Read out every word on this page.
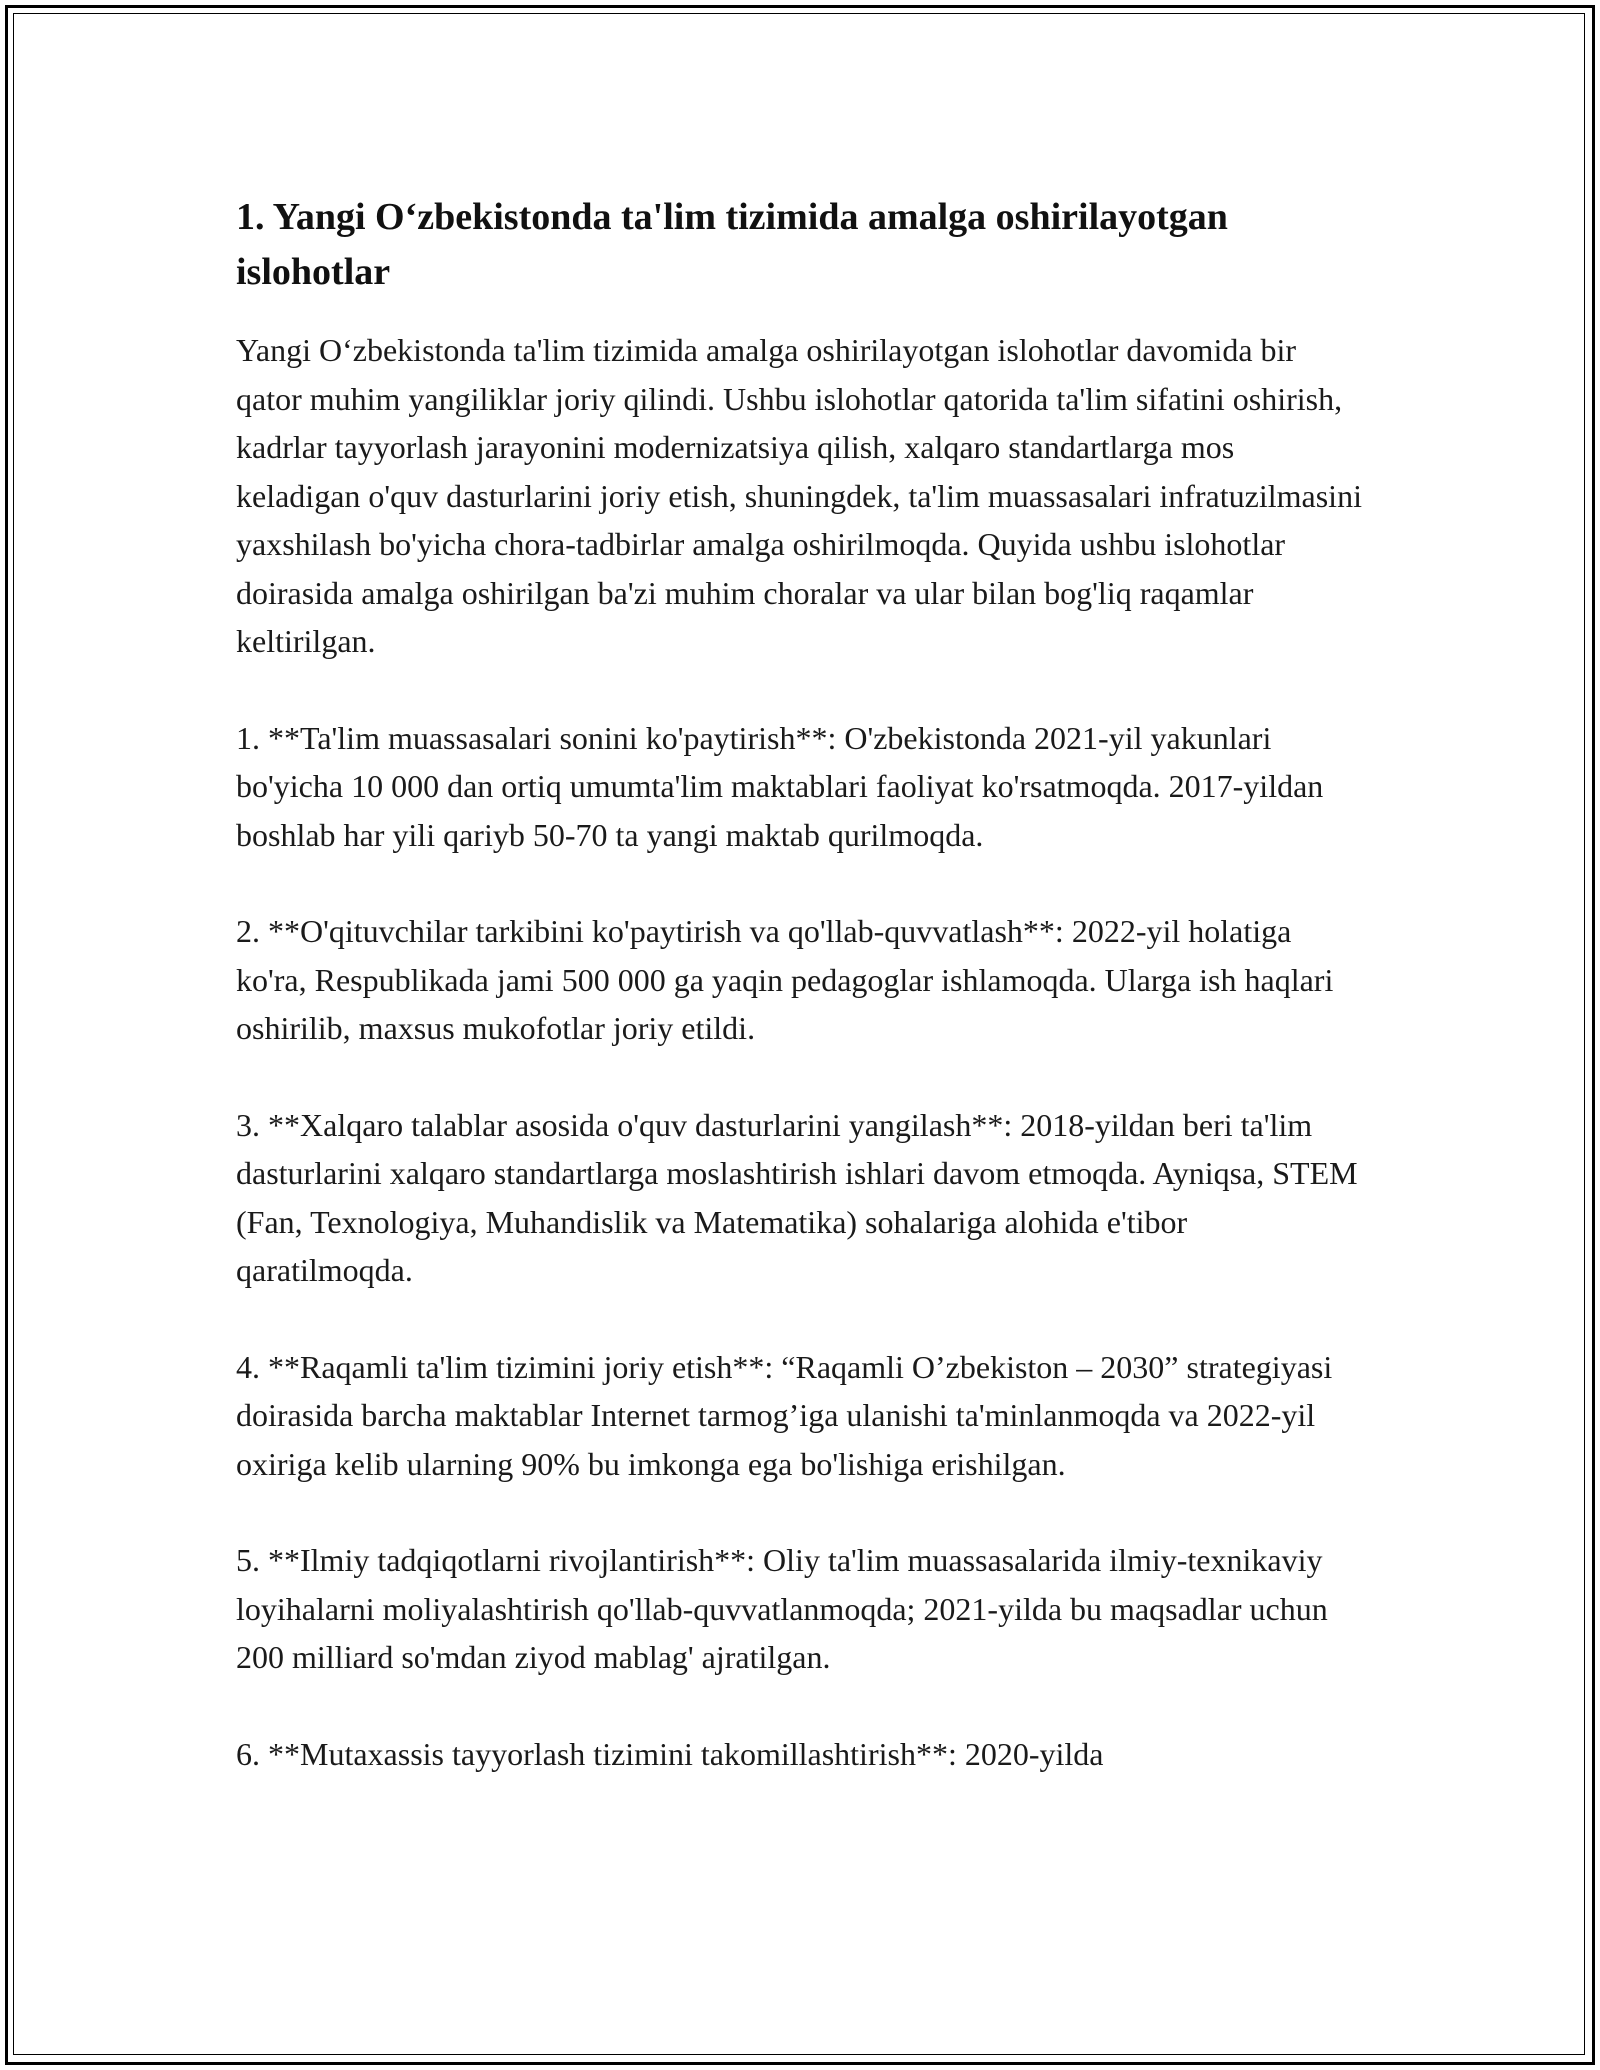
1. Yangi O‘zbekistonda ta'lim tizimida amalga oshirilayotgan islohotlar

Yangi O‘zbekistonda ta'lim tizimida amalga oshirilayotgan islohotlar davomida bir qator muhim yangiliklar joriy qilindi. Ushbu islohotlar qatorida ta'lim sifatini oshirish, kadrlar tayyorlash jarayonini modernizatsiya qilish, xalqaro standartlarga mos keladigan o'quv dasturlarini joriy etish, shuningdek, ta'lim muassasalari infratuzilmasini yaxshilash bo'yicha chora-tadbirlar amalga oshirilmoqda. Quyida ushbu islohotlar doirasida amalga oshirilgan ba'zi muhim choralar va ular bilan bog'liq raqamlar keltirilgan.

1. **Ta'lim muassasalari sonini ko'paytirish**: O'zbekistonda 2021-yil yakunlari bo'yicha 10 000 dan ortiq umumta'lim maktablari faoliyat ko'rsatmoqda. 2017-yildan boshlab har yili qariyb 50-70 ta yangi maktab qurilmoqda.

2. **O'qituvchilar tarkibini ko'paytirish va qo'llab-quvvatlash**: 2022-yil holatiga ko'ra, Respublikada jami 500 000 ga yaqin pedagoglar ishlamoqda. Ularga ish haqlari oshirilib, maxsus mukofotlar joriy etildi.

3. **Xalqaro talablar asosida o'quv dasturlarini yangilash**: 2018-yildan beri ta'lim dasturlarini xalqaro standartlarga moslashtirish ishlari davom etmoqda. Ayniqsa, STEM (Fan, Texnologiya, Muhandislik va Matematika) sohalariga alohida e'tibor qaratilmoqda.

4. **Raqamli ta'lim tizimini joriy etish**: “Raqamli O’zbekiston – 2030” strategiyasi doirasida barcha maktablar Internet tarmog’iga ulanishi ta'minlanmoqda va 2022-yil oxiriga kelib ularning 90% bu imkonga ega bo'lishiga erishilgan.

5. **Ilmiy tadqiqotlarni rivojlantirish**: Oliy ta'lim muassasalarida ilmiy-texnikaviy loyihalarni moliyalashtirish qo'llab-quvvatlanmoqda; 2021-yilda bu maqsadlar uchun 200 milliard so'mdan ziyod mablag' ajratilgan.

6. **Mutaxassis tayyorlash tizimini takomillashtirish**: 2020-yilda
